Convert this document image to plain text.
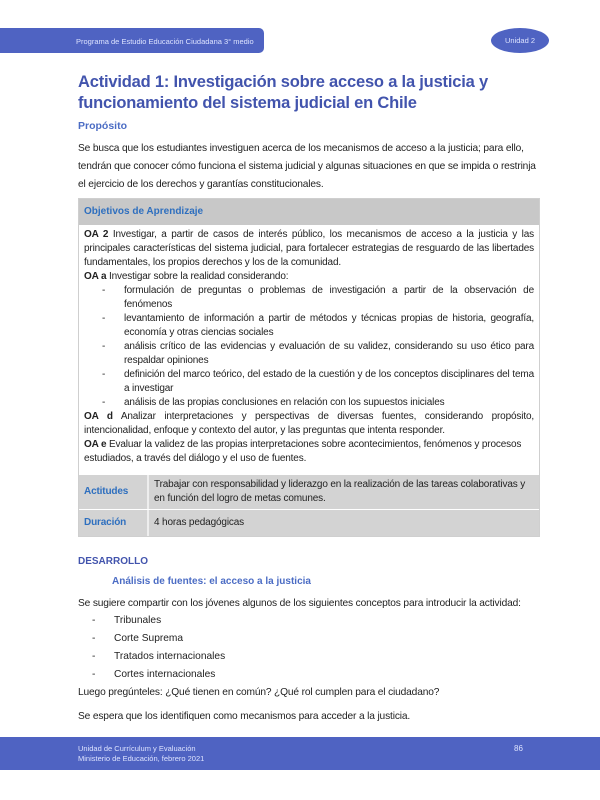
Programa de Estudio Educación Ciudadana 3° medio	Unidad 2
Actividad 1: Investigación sobre acceso a la justicia y funcionamiento del sistema judicial en Chile
Propósito
Se busca que los estudiantes investiguen acerca de los mecanismos de acceso a la justicia; para ello, tendrán que conocer cómo funciona el sistema judicial y algunas situaciones en que se impida o restrinja el ejercicio de los derechos y garantías constitucionales.
Objetivos de Aprendizaje
OA 2 Investigar, a partir de casos de interés público, los mecanismos de acceso a la justicia y las principales características del sistema judicial, para fortalecer estrategias de resguardo de las libertades fundamentales, los propios derechos y los de la comunidad.
OA a Investigar sobre la realidad considerando:
- formulación de preguntas o problemas de investigación a partir de la observación de fenómenos
- levantamiento de información a partir de métodos y técnicas propias de historia, geografía, economía y otras ciencias sociales
- análisis crítico de las evidencias y evaluación de su validez, considerando su uso ético para respaldar opiniones
- definición del marco teórico, del estado de la cuestión y de los conceptos disciplinares del tema a investigar
- análisis de las propias conclusiones en relación con los supuestos iniciales
OA d Analizar interpretaciones y perspectivas de diversas fuentes, considerando propósito, intencionalidad, enfoque y contexto del autor, y las preguntas que intenta responder.
OA e Evaluar la validez de las propias interpretaciones sobre acontecimientos, fenómenos y procesos estudiados, a través del diálogo y el uso de fuentes.
Actitudes
Trabajar con responsabilidad y liderazgo en la realización de las tareas colaborativas y en función del logro de metas comunes.
Duración	4 horas pedagógicas
DESARROLLO
Análisis de fuentes: el acceso a la justicia
Se sugiere compartir con los jóvenes algunos de los siguientes conceptos para introducir la actividad:
- Tribunales
- Corte Suprema
- Tratados internacionales
- Cortes internacionales
Luego pregúnteles: ¿Qué tienen en común? ¿Qué rol cumplen para el ciudadano?
Se espera que los identifiquen como mecanismos para acceder a la justicia.
Unidad de Currículum y Evaluación
Ministerio de Educación, febrero 2021
86
